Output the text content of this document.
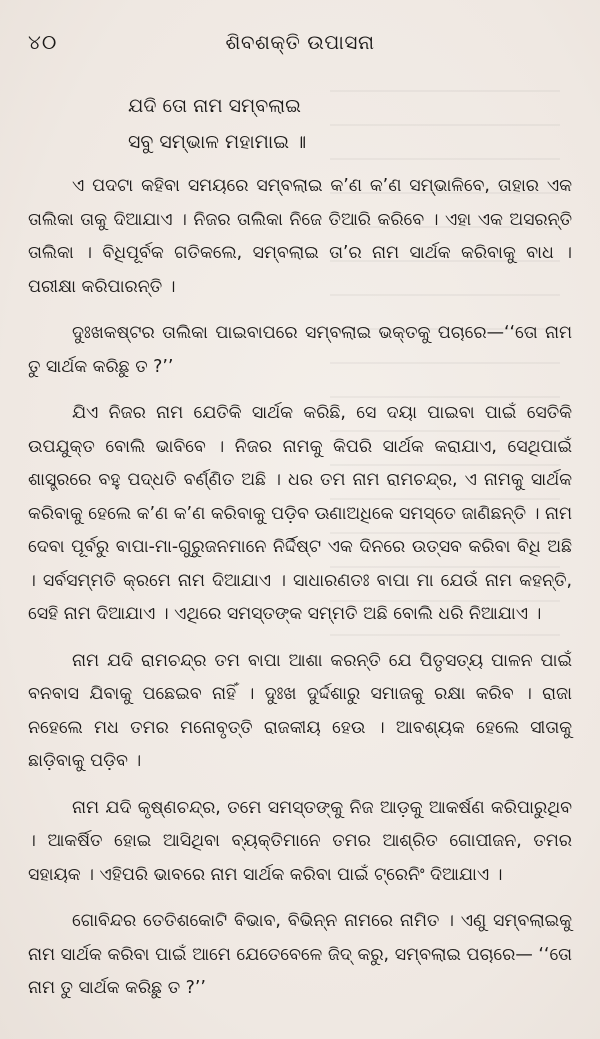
୪୦	ଶିବଶକ୍ତି ଉପାସନା
ଯଦି ତୋ ନାମ ସମ୍ବଲାଇ
ସବୁ ସମ୍ଭାଳ ମହାମାଇ ॥

ଏ ପଦଟା କହିବା ସମୟରେ ସମ୍ବଲାଇ କ’ଣ କ’ଣ ସମ୍ଭାଳିବେ, ତାହାର ଏକ ତାଲିକା ତାକୁ ଦିଆଯାଏ । ନିଜର ତାଲିକା ନିଜେ ତିଆରି କରିବେ । ଏହା ଏକ ଅସରନ୍ତି ତାଲିକା । ବିଧିପୂର୍ବକ ଗତିକଲେ, ସମ୍ବଲାଇ ତା’ର ନାମ ସାର୍ଥକ କରିବାକୁ ବାଧ । ପରୀକ୍ଷା କରିପାରନ୍ତି ।

ଦୁଃଖକଷ୍ଟର ତାଲିକା ପାଇବାପରେ ସମ୍ବଲାଇ ଭକ୍ତକୁ ପଚାରେ—‘‘ତୋ ନାମ ତୁ ସାର୍ଥକ କରିଛୁ ତ ?’’

ଯିଏ ନିଜର ନାମ ଯେତିକି ସାର୍ଥକ କରିଛି, ସେ ଦୟା ପାଇବା ପାଇଁ ସେତିକି ଉପଯୁକ୍ତ ବୋଲି ଭାବିବେ । ନିଜର ନାମକୁ କିପରି ସାର୍ଥକ କରାଯାଏ, ସେଥିପାଇଁ ଶାସ୍ତ୍ରରେ ବହୁ ପଦ୍ଧତି ବର୍ଣ୍ଣିତ ଅଛି । ଧର ତମ ନାମ ରାମଚନ୍ଦ୍ର, ଏ ନାମକୁ ସାର୍ଥକ କରିବାକୁ ହେଲେ କ’ଣ କ’ଣ କରିବାକୁ ପଡ଼ିବ ଊଣାଅଧିକେ ସମସ୍ତେ ଜାଣିଛନ୍ତି । ନାମ ଦେବା ପୂର୍ବରୁ ବାପା-ମା-ଗୁରୁଜନମାନେ ନିର୍ଦ୍ଦିଷ୍ଟ ଏକ ଦିନରେ ଉତ୍ସବ କରିବା ବିଧି ଅଛି । ସର୍ବସମ୍ମତି କ୍ରମେ ନାମ ଦିଆଯାଏ । ସାଧାରଣତଃ ବାପା ମା ଯେଉଁ ନାମ କହନ୍ତି, ସେହି ନାମ ଦିଆଯାଏ । ଏଥିରେ ସମସ୍ତଙ୍କ ସମ୍ମତି ଅଛି ବୋଲି ଧରି ନିଆଯାଏ ।

ନାମ ଯଦି ରାମଚନ୍ଦ୍ର ତମ ବାପା ଆଶା କରନ୍ତି ଯେ ପିତୃସତ୍ୟ ପାଳନ ପାଇଁ ବନବାସ ଯିବାକୁ ପଛେଇବ ନାହିଁ । ଦୁଃଖ ଦୁର୍ଦ୍ଦଶାରୁ ସମାଜକୁ ରକ୍ଷା କରିବ । ରାଜା ନହେଲେ ମଧ ତମର ମନୋବୃତ୍ତି ରାଜକୀୟ ହେଉ । ଆବଶ୍ୟକ ହେଲେ ସୀତାକୁ ଛାଡ଼ିବାକୁ ପଡ଼ିବ ।

ନାମ ଯଦି କୃଷ୍ଣଚନ୍ଦ୍ର, ତମେ ସମସ୍ତଙ୍କୁ ନିଜ ଆଡ଼କୁ ଆକର୍ଷଣ କରିପାରୁଥିବ । ଆକର୍ଷିତ ହୋଇ ଆସିଥିବା ବ୍ୟକ୍ତିମାନେ ତମର ଆଶ୍ରିତ ଗୋପୀଜନ, ତମର ସହାୟକ । ଏହିପରି ଭାବରେ ନାମ ସାର୍ଥକ କରିବା ପାଇଁ ଟ୍ରେନିଂ ଦିଆଯାଏ ।

ଗୋବିନ୍ଦର ତେତିଶକୋଟି ବିଭାବ, ବିଭିନ୍ନ ନାମରେ ନାମିତ । ଏଣୁ ସମ୍ବଲାଇକୁ ନାମ ସାର୍ଥକ କରିବା ପାଇଁ ଆମେ ଯେତେବେଳେ ଜିଦ୍ କରୁ, ସମ୍ବଲାଇ ପଚାରେ— ‘‘ତୋ ନାମ ତୁ ସାର୍ଥକ କରିଛୁ ତ ?’’
